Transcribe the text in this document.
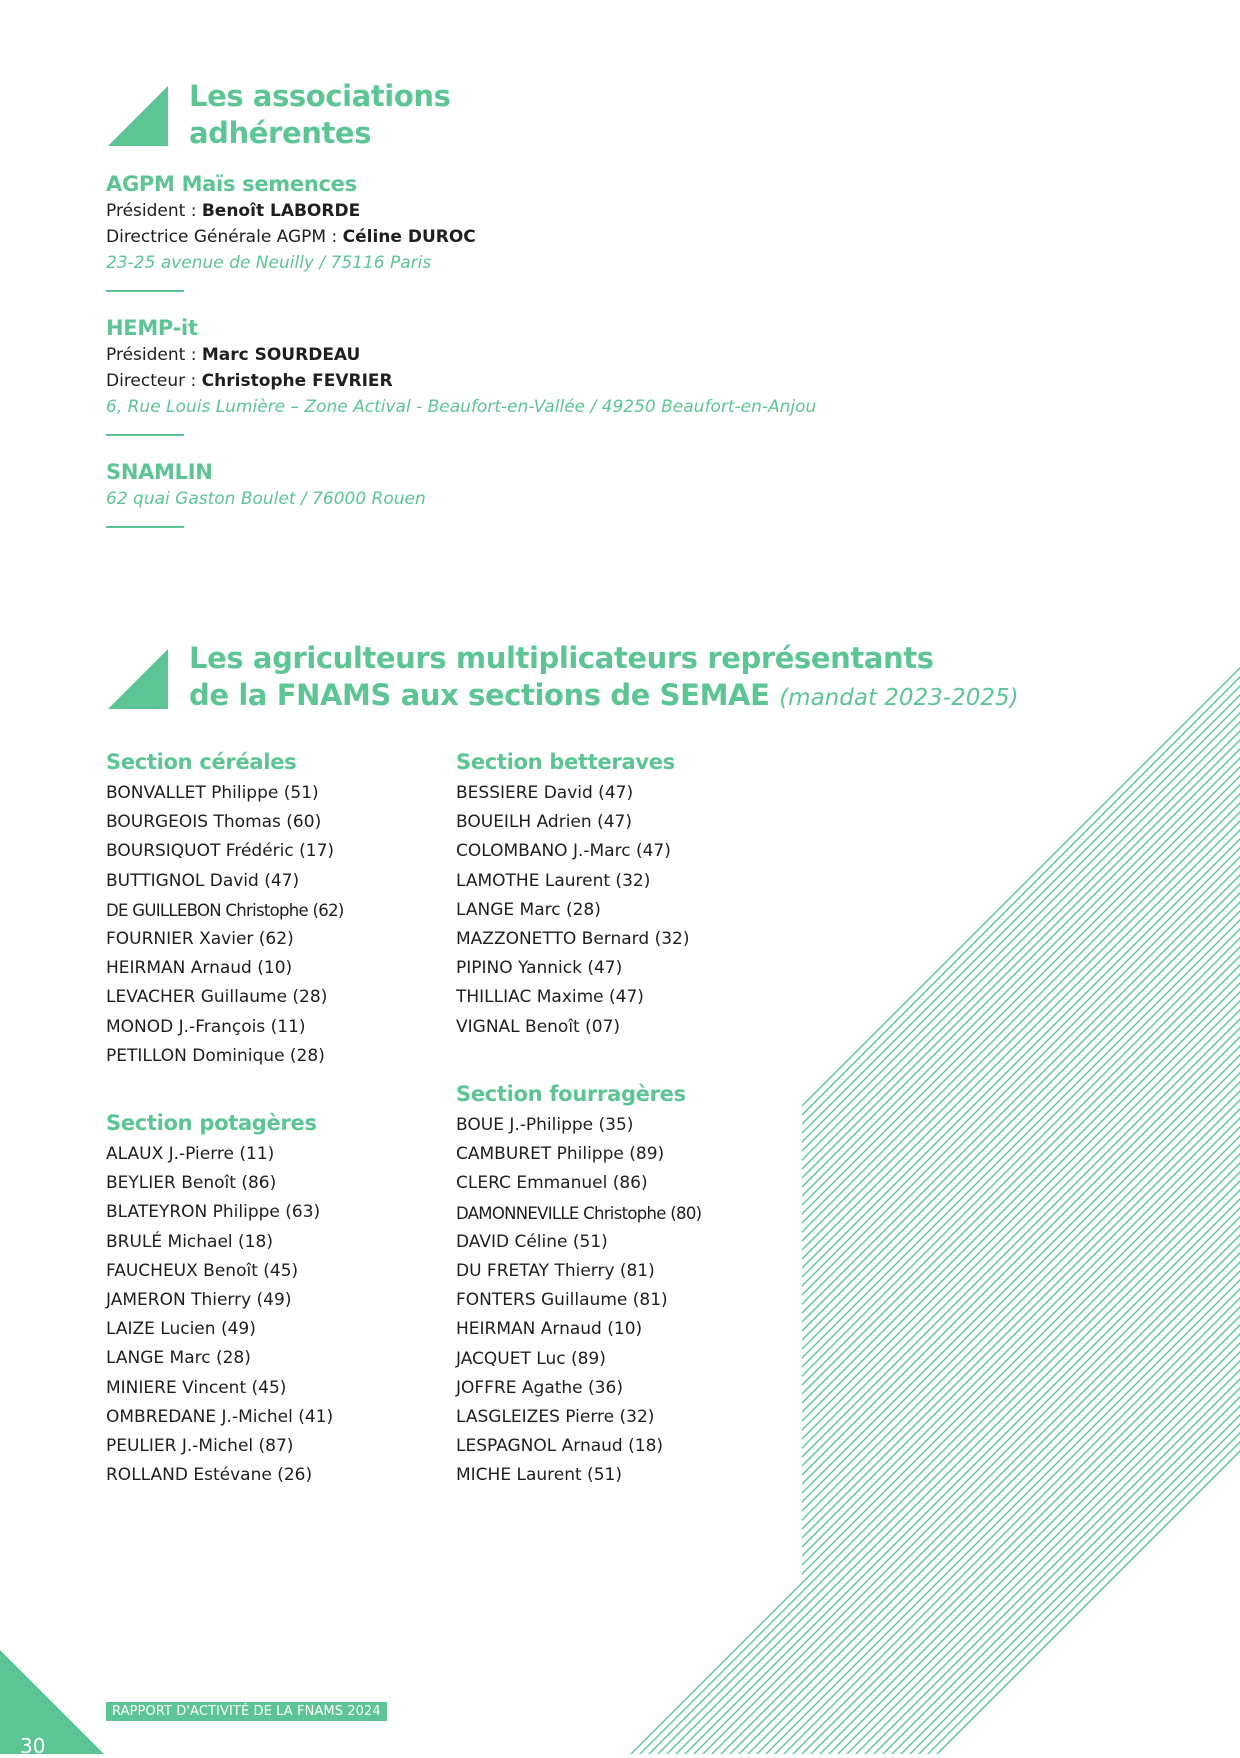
Les associations
adhérentes
AGPM Maïs semences
Président : Benoît LABORDE
Directrice Générale AGPM : Céline DUROC
23-25 avenue de Neuilly / 75116 Paris
HEMP-it
Président : Marc SOURDEAU
Directeur : Christophe FEVRIER
6, Rue Louis Lumière – Zone Actival - Beaufort-en-Vallée / 49250 Beaufort-en-Anjou
SNAMLIN
62 quai Gaston Boulet / 76000 Rouen
Les agriculteurs multiplicateurs représentants
de la FNAMS aux sections de SEMAE (mandat 2023-2025)
Section céréales
BONVALLET Philippe (51)
BOURGEOIS Thomas (60)
BOURSIQUOT Frédéric (17)
BUTTIGNOL David (47)
DE GUILLEBON Christophe (62)
FOURNIER Xavier (62)
HEIRMAN Arnaud (10)
LEVACHER Guillaume (28)
MONOD J.-François (11)
PETILLON Dominique (28)
Section potagères
ALAUX J.-Pierre (11)
BEYLIER Benoît (86)
BLATEYRON Philippe (63)
BRULÉ Michael (18)
FAUCHEUX Benoît (45)
JAMERON Thierry (49)
LAIZE Lucien (49)
LANGE Marc (28)
MINIERE Vincent (45)
OMBREDANE J.-Michel (41)
PEULIER J.-Michel (87)
ROLLAND Estévane (26)
Section betteraves
BESSIERE David (47)
BOUEILH Adrien (47)
COLOMBANO J.-Marc (47)
LAMOTHE Laurent (32)
LANGE Marc (28)
MAZZONETTO Bernard (32)
PIPINO Yannick (47)
THILLIAC Maxime (47)
VIGNAL Benoît (07)
Section fourragères
BOUE J.-Philippe (35)
CAMBURET Philippe (89)
CLERC Emmanuel (86)
DAMONNEVILLE Christophe (80)
DAVID Céline (51)
DU FRETAY Thierry (81)
FONTERS Guillaume (81)
HEIRMAN Arnaud (10)
JACQUET Luc (89)
JOFFRE Agathe (36)
LASGLEIZES Pierre (32)
LESPAGNOL Arnaud (18)
MICHE Laurent (51)
RAPPORT D'ACTIVITÉ DE LA FNAMS 2024
30
